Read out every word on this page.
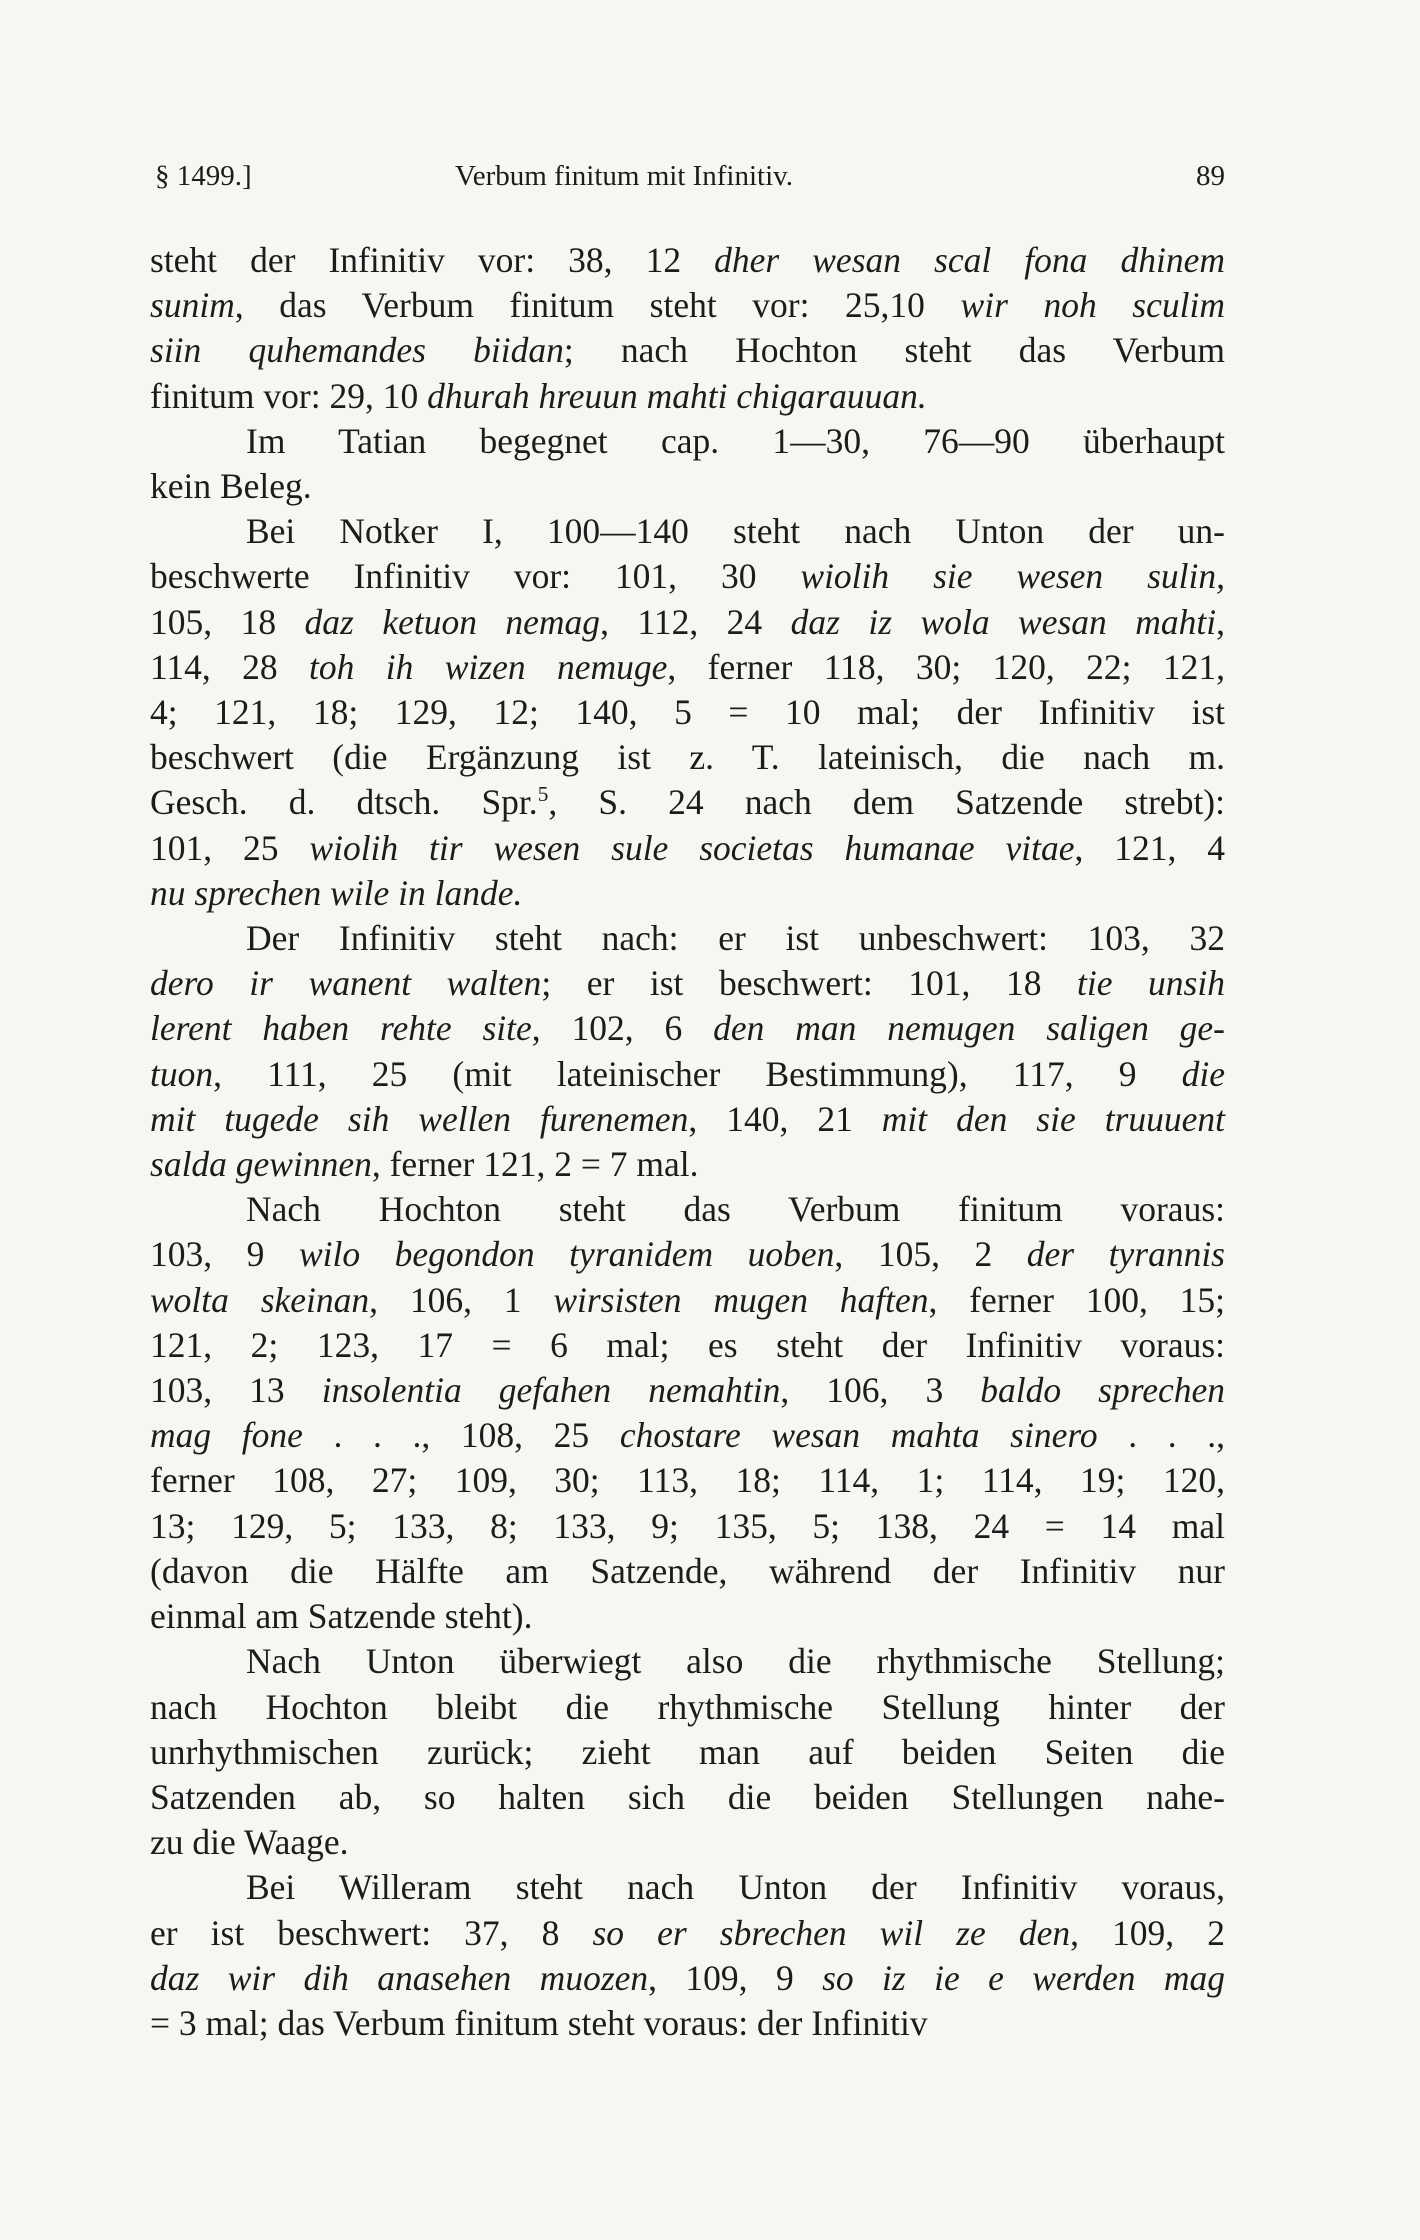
§ 1499.]	Verbum finitum mit Infinitiv.	89

steht der Infinitiv vor: 38, 12 dher wesan scal fona dhinem
sunim, das Verbum finitum steht vor: 25,10 wir noh sculim
siin quhemandes biidan; nach Hochton steht das Verbum
finitum vor: 29, 10 dhurah hreuun mahti chigarauuan.

Im Tatian begegnet cap. 1—30, 76—90 überhaupt
kein Beleg.

Bei Notker I, 100—140 steht nach Unton der un-
beschwerte Infinitiv vor: 101, 30 wiolih sie wesen sulin,
105, 18 daz ketuon nemag, 112, 24 daz iz wola wesan mahti,
114, 28 toh ih wizen nemuge, ferner 118, 30; 120, 22; 121,
4; 121, 18; 129, 12; 140, 5 = 10 mal; der Infinitiv ist
beschwert (die Ergänzung ist z. T. lateinisch, die nach m.
Gesch. d. dtsch. Spr.$^5$, S. 24 nach dem Satzende strebt):
101, 25 wiolih tir wesen sule societas humanae vitae, 121, 4
nu sprechen wile in lande.

Der Infinitiv steht nach: er ist unbeschwert: 103, 32
dero ir wanent walten; er ist beschwert: 101, 18 tie unsih
lerent haben rehte site, 102, 6 den man nemugen saligen ge-
tuon, 111, 25 (mit lateinischer Bestimmung), 117, 9 die
mit tugede sih wellen furenemen, 140, 21 mit den sie truuuent
salda gewinnen, ferner 121, 2 = 7 mal.

Nach Hochton steht das Verbum finitum voraus:
103, 9 wilo begondon tyranidem uoben, 105, 2 der tyrannis
wolta skeinan, 106, 1 wirsisten mugen haften, ferner 100, 15;
121, 2; 123, 17 = 6 mal; es steht der Infinitiv voraus:
103, 13 insolentia gefahen nemahtin, 106, 3 baldo sprechen
mag fone . . ., 108, 25 chostare wesan mahta sinero . . .,
ferner 108, 27; 109, 30; 113, 18; 114, 1; 114, 19; 120,
13; 129, 5; 133, 8; 133, 9; 135, 5; 138, 24 = 14 mal
(davon die Hälfte am Satzende, während der Infinitiv nur
einmal am Satzende steht).

Nach Unton überwiegt also die rhythmische Stellung;
nach Hochton bleibt die rhythmische Stellung hinter der
unrhythmischen zurück; zieht man auf beiden Seiten die
Satzenden ab, so halten sich die beiden Stellungen nahe-
zu die Waage.

Bei Willeram steht nach Unton der Infinitiv voraus,
er ist beschwert: 37, 8 so er sbrechen wil ze den, 109, 2
daz wir dih anasehen muozen, 109, 9 so iz ie e werden mag
= 3 mal; das Verbum finitum steht voraus: der Infinitiv
